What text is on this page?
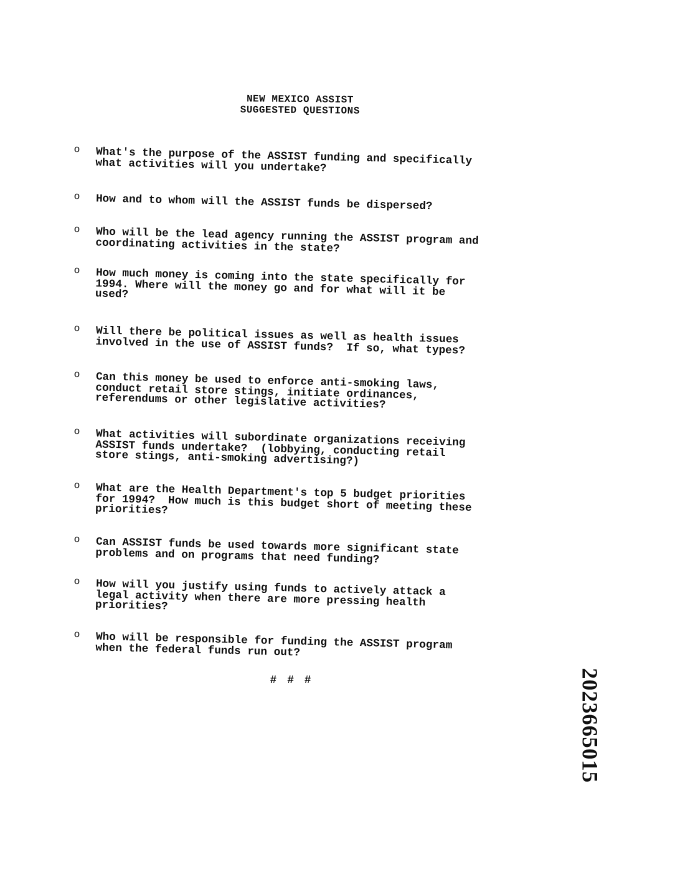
NEW MEXICO ASSIST
SUGGESTED QUESTIONS

o

What's the purpose of the ASSIST funding and specifically
what activities will you undertake?

o

How and to whom will the ASSIST funds be dispersed?

o

Who will be the lead agency running the ASSIST program and
coordinating activities in the state?

o

How much money is coming into the state specifically for
1994. Where will the money go and for what will it be
used?

o

Will there be political issues as well as health issues
involved in the use of ASSIST funds?  If so, what types?

o

Can this money be used to enforce anti-smoking laws,
conduct retail store stings, initiate ordinances,
referendums or other legislative activities?

o

What activities will subordinate organizations receiving
ASSIST funds undertake?  (lobbying, conducting retail
store stings, anti-smoking advertising?)

o

What are the Health Department's top 5 budget priorities
for 1994?  How much is this budget short of meeting these
priorities?

o

Can ASSIST funds be used towards more significant state
problems and on programs that need funding?

o

How will you justify using funds to actively attack a
legal activity when there are more pressing health
priorities?

o

Who will be responsible for funding the ASSIST program
when the federal funds run out?

# # #	2023665015
